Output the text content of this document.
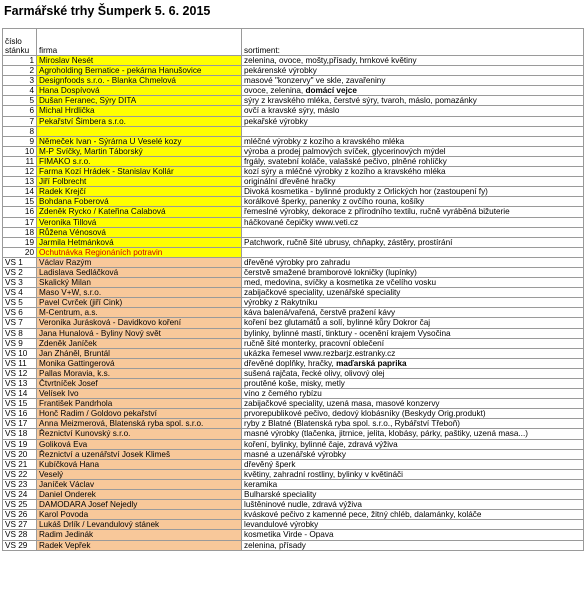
Farmářské trhy Šumperk 5. 6. 2015
číslo
stánku	firma	sortiment:
1	Miroslav Nesét	zelenina, ovoce, mošty,přísady, hrnkové květiny
2	Agroholding Bernatice - pekárna Hanušovice	pekárenské výrobky
3	Designfoods s.r.o. - Blanka Chmelová	masové "konzervy" ve skle, zavařeniny
4	Hana Dospívová	ovoce, zelenina, domácí vejce
5	Dušan Feranec, Sýry DITA	sýry z kravského mléka, čerstvé sýry, tvaroh, máslo, pomazánky
6	Michal Hrdlička	ovčí a kravské sýry, máslo
7	Pekařství Šimbera s.r.o.	pekařské výrobky
8		
9	Němeček Ivan - Sýrárna U Veselé kozy	mléčné výrobky z kozího a kravského mléka
10	M-P Svíčky, Martin Táborský	výroba a prodej palmových svíček, glycerinových mýdel
11	FIMAKO s.r.o.	frgály, svatební koláče, valašské pečivo, plněné rohlíčky
12	Farma Kozí Hrádek - Stanislav Kollár	kozí sýry a mléčné výrobky z kozího a kravského mléka
13	Jiří Folbrecht	originální dřevěné hračky
14	Radek Krejčí	Divoká kosmetika - bylinné produkty z Orlických hor (zastoupení fy)
15	Bohdana Foberová	korálkové šperky, panenky z ovčího rouna, košíky
16	Zdeněk Rycko / Kateřina Calabová	řemeslné výrobky, dekorace z přírodního textilu, ručně vyráběná bižuterie
17	Veronika Tillová	háčkované čepičky www.veti.cz
18	Růžena Vénosová	
19	Jarmila Hetmánková	Patchwork, ručně šité ubrusy, chňapky, zástěry, prostírání
20	Ochutnávka Regionáních potravin	
VS 1	Václav Razým	dřevěné výrobky pro zahradu
VS 2	Ladislava Sedláčková	čerstvě smažené bramborové lokničky (lupínky)
VS 3	Skalický Milan	med, medovina, svíčky a kosmetika ze včelího vosku
VS 4	Maso V+W, s.r.o.	zabijačkové speciality, uzenářské speciality
VS 5	Pavel Cvrček (jiří Cink)	výrobky z Rakytníku
VS 6	M-Centrum, a.s.	káva balená/vařená, čerstvě pražení kávy
VS 7	Veronika Jurásková - Davidkovo koření	koření bez glutamátů a solí, bylinné kůry Dokror čaj
VS 8	Jana Hunalová - Byliny Nový svět	bylinky, bylinné mastí, tinktury - ocenění krajem Vysočina
VS 9	Zdeněk Janíček	ručně šité monterky, pracovní oblečení
VS 10	Jan Zháněl, Bruntál	ukázka řemesel www.rezbarjz.estranky.cz
VS 11	Monika Gattingerová	dřevěné doplňky, hračky, maďarská paprika
VS 12	Pallas Moravia, k.s.	sušená rajčata, řecké olivy, olivový olej
VS 13	Čtvrtníček Josef	proutěné koše, misky, metly
VS 14	Velísek Ivo	víno z čemého rybízu
VS 15	František Pandrhola	zabijačkové speciality, uzená masa, masové konzervy
VS 16	Honč Radim / Goldovo pekařství	prvorepublikové pečivo, dedový klobásníky (Beskydy Orig.produkt)
VS 17	Anna Meizmerová, Blatenská ryba spol. s.r.o.	ryby z Blatné (Blatenská ryba spol. s.r.o., Rybářství Třeboň)
VS 18	Řeznictví Kunovský s.r.o.	masné výrobky (tlačenka, jitrnice, jelita, klobásy, párky, paštiky, uzená masa...)
VS 19	Goliková Eva	koření, bylinky, bylinné čaje, zdravá výživa
VS 20	Řeznictví a uzenářství Josek Klimeš	masné a uzenářské výrobky
VS 21	Kubíčková Hana	dřevěný šperk
VS 22	Veselý	květiny, zahradní rostliny, bylinky v květináči
VS 23	Janíček Václav	keramika
VS 24	Daniel Onderek	Bulharské speciality
VS 25	DAMODARA Josef Nejedly	luštěninové nudle, zdravá výživa
VS 26	Karol Povoda	kváskové pečivo z kamenné pece, žitný chléb, dalamánky, koláče
VS 27	Lukáš Drlík / Levandulový stánek	levandulové výrobky
VS 28	Radim Jedinák	kosmetika Virde - Opava
VS 29	Radek Vepřek	zelenina, přísady
